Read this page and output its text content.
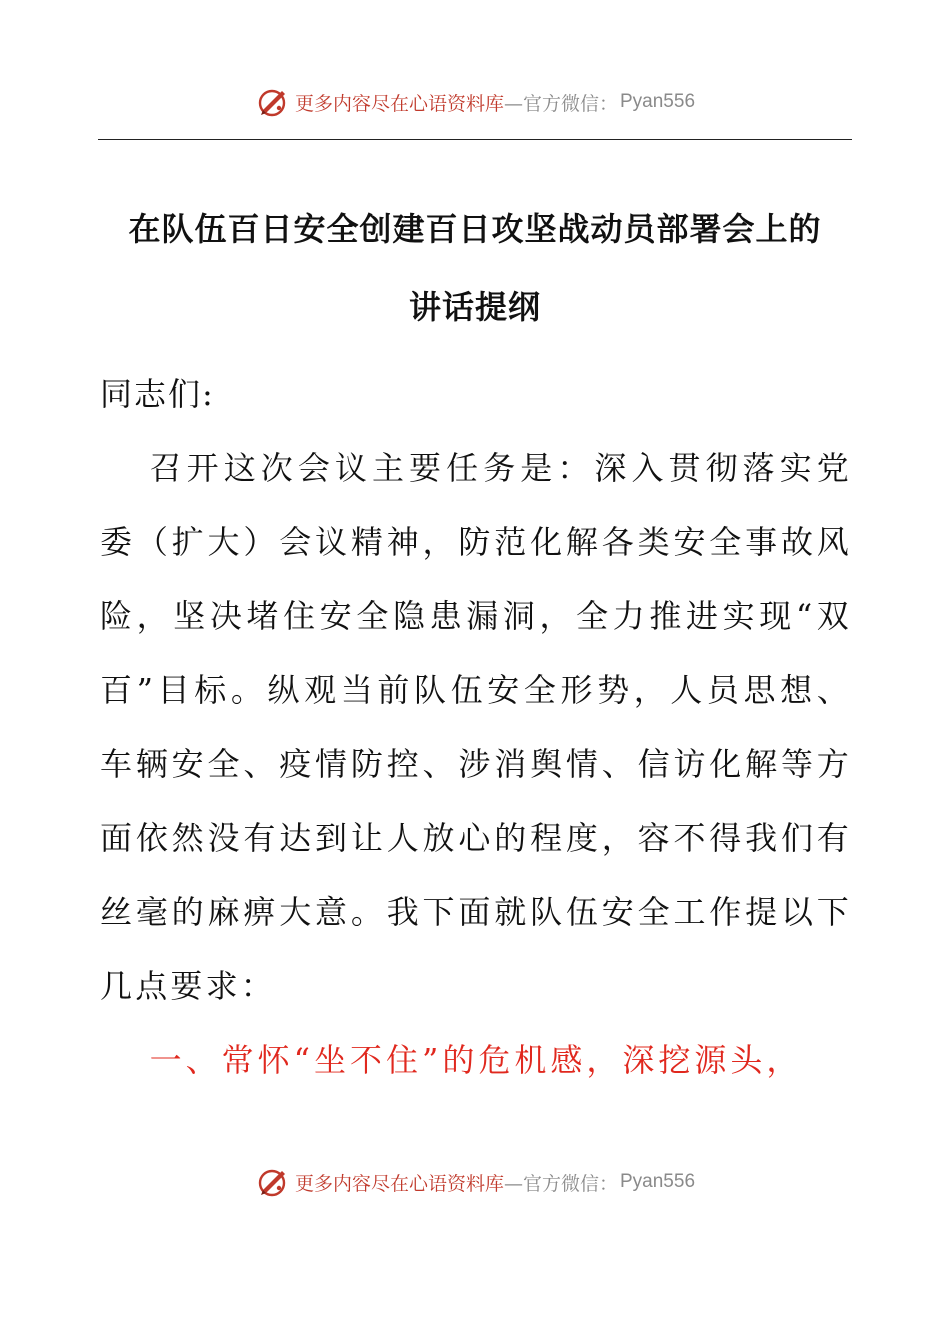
更多内容尽在心语资料库 —官方微信： Pyan556
在队伍百日安全创建百日攻坚战动员部署会上的
讲话提纲

同志们:

召开这次会议主要任务是：深入贯彻落实党委（扩大）会议精神，防范化解各类安全事故风险，坚决堵住安全隐患漏洞，全力推进实现“双百”目标。纵观当前队伍安全形势，人员思想、车辆安全、疫情防控、涉消舆情、信访化解等方面依然没有达到让人放心的程度，容不得我们有丝毫的麻痹大意。我下面就队伍安全工作提以下几点要求：

一、常怀“坐不住”的危机感，深挖源头，

更多内容尽在心语资料库 —官方微信： Pyan556
